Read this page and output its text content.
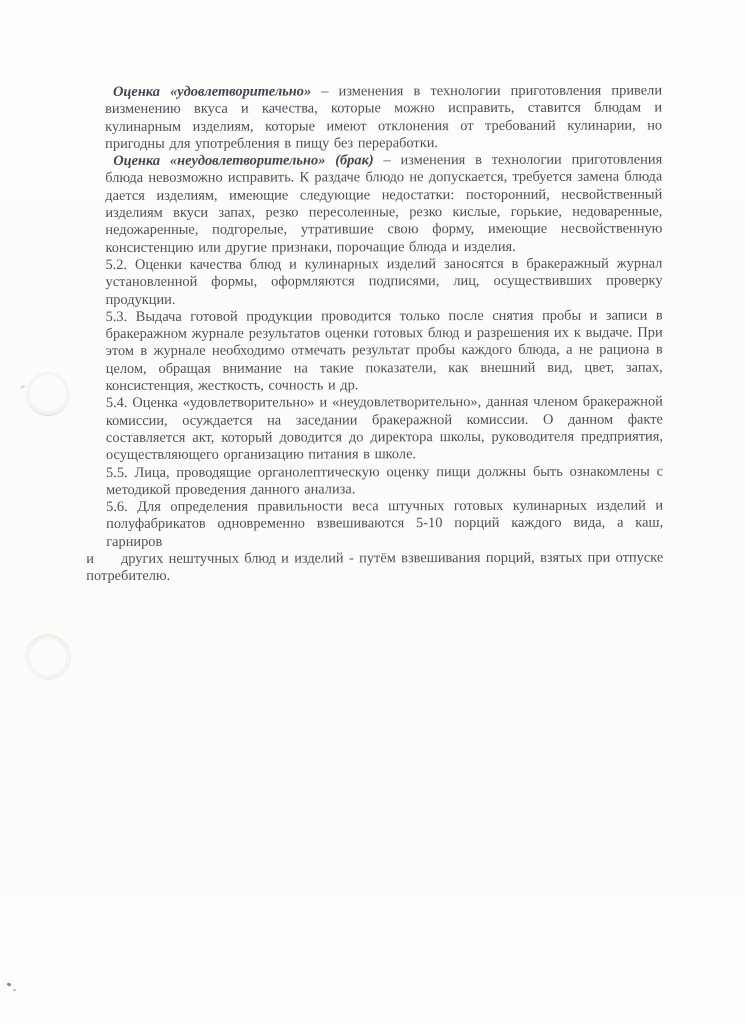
Оценка «удовлетворительно» – изменения в технологии приготовления привели визменению вкуса и качества, которые можно исправить, ставится блюдам и кулинарным изделиям, которые имеют отклонения от требований кулинарии, но пригодны для употребления в пищу без переработки.

Оценка «неудовлетворительно» (брак) – изменения в технологии приготовления блюда невозможно исправить. К раздаче блюдо не допускается, требуется замена блюда дается изделиям, имеющие следующие недостатки: посторонний, несвойственный изделиям вкуси запах, резко пересоленные, резко кислые, горькие, недоваренные, недожаренные, подгорелые, утратившие свою форму, имеющие несвойственную консистенцию или другие признаки, порочащие блюда и изделия.

5.2. Оценки качества блюд и кулинарных изделий заносятся в бракеражный журнал установленной формы, оформляются подписями, лиц, осуществивших проверку продукции.

5.3. Выдача готовой продукции проводится только после снятия пробы и записи в бракеражном журнале результатов оценки готовых блюд и разрешения их к выдаче. При этом в журнале необходимо отмечать результат пробы каждого блюда, а не рациона в целом, обращая внимание на такие показатели, как внешний вид, цвет, запах, консистенция, жесткость, сочность и др.

5.4. Оценка «удовлетворительно» и «неудовлетворительно», данная членом бракеражной комиссии, осуждается на заседании бракеражной комиссии. О данном факте составляется акт, который доводится до директора школы, руководителя предприятия, осуществляющего организацию питания в школе.

5.5. Лица, проводящие органолептическую оценку пищи должны быть ознакомлены с методикой проведения данного анализа.

5.6. Для определения правильности веса штучных готовых кулинарных изделий и полуфабрикатов одновременно взвешиваются 5-10 порций каждого вида, а каш, гарниров

и других нештучных блюд и изделий - путём взвешивания порций, взятых при отпуске потребителю.
